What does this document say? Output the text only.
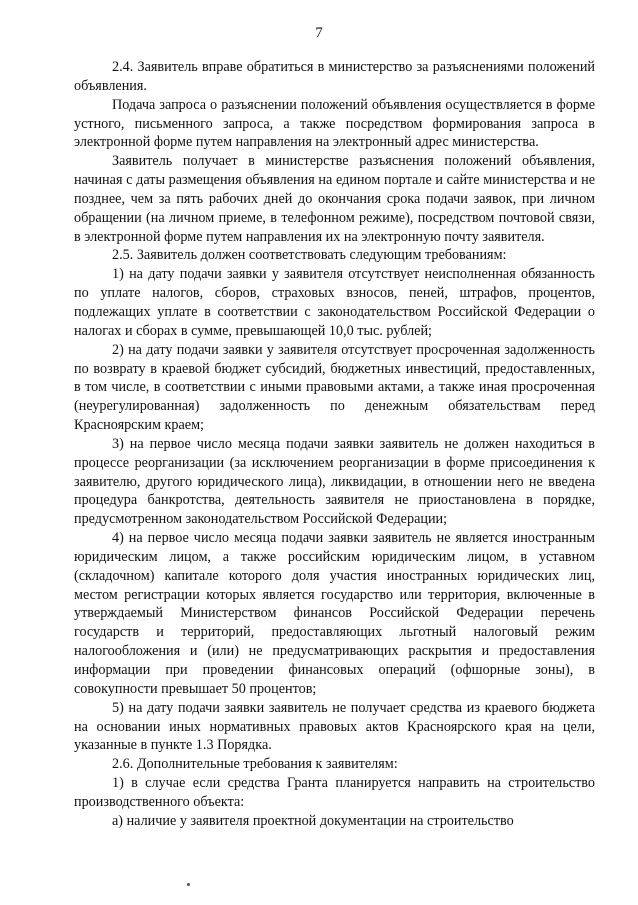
7

2.4. Заявитель вправе обратиться в министерство за разъяснениями положений объявления.

Подача запроса о разъяснении положений объявления осуществляется в форме устного, письменного запроса, а также посредством формирования запроса в электронной форме путем направления на электронный адрес министерства.

Заявитель получает в министерстве разъяснения положений объявления, начиная с даты размещения объявления на едином портале и сайте министерства и не позднее, чем за пять рабочих дней до окончания срока подачи заявок, при личном обращении (на личном приеме, в телефонном режиме), посредством почтовой связи, в электронной форме путем направления их на электронную почту заявителя.

2.5. Заявитель должен соответствовать следующим требованиям:

1) на дату подачи заявки у заявителя отсутствует неисполненная обязанность по уплате налогов, сборов, страховых взносов, пеней, штрафов, процентов, подлежащих уплате в соответствии с законодательством Российской Федерации о налогах и сборах в сумме, превышающей 10,0 тыс. рублей;

2) на дату подачи заявки у заявителя отсутствует просроченная задолженность по возврату в краевой бюджет субсидий, бюджетных инвестиций, предоставленных, в том числе, в соответствии с иными правовыми актами, а также иная просроченная (неурегулированная) задолженность по денежным обязательствам перед Красноярским краем;

3) на первое число месяца подачи заявки заявитель не должен находиться в процессе реорганизации (за исключением реорганизации в форме присоединения к заявителю, другого юридического лица), ликвидации, в отношении него не введена процедура банкротства, деятельность заявителя не приостановлена в порядке, предусмотренном законодательством Российской Федерации;

4) на первое число месяца подачи заявки заявитель не является иностранным юридическим лицом, а также российским юридическим лицом, в уставном (складочном) капитале которого доля участия иностранных юридических лиц, местом регистрации которых является государство или территория, включенные в утверждаемый Министерством финансов Российской Федерации перечень государств и территорий, предоставляющих льготный налоговый режим налогообложения и (или) не предусматривающих раскрытия и предоставления информации при проведении финансовых операций (офшорные зоны), в совокупности превышает 50 процентов;

5) на дату подачи заявки заявитель не получает средства из краевого бюджета на основании иных нормативных правовых актов Красноярского края на цели, указанные в пункте 1.3 Порядка.

2.6. Дополнительные требования к заявителям:

1) в случае если средства Гранта планируется направить на строительство производственного объекта:

а) наличие у заявителя проектной документации на строительство
